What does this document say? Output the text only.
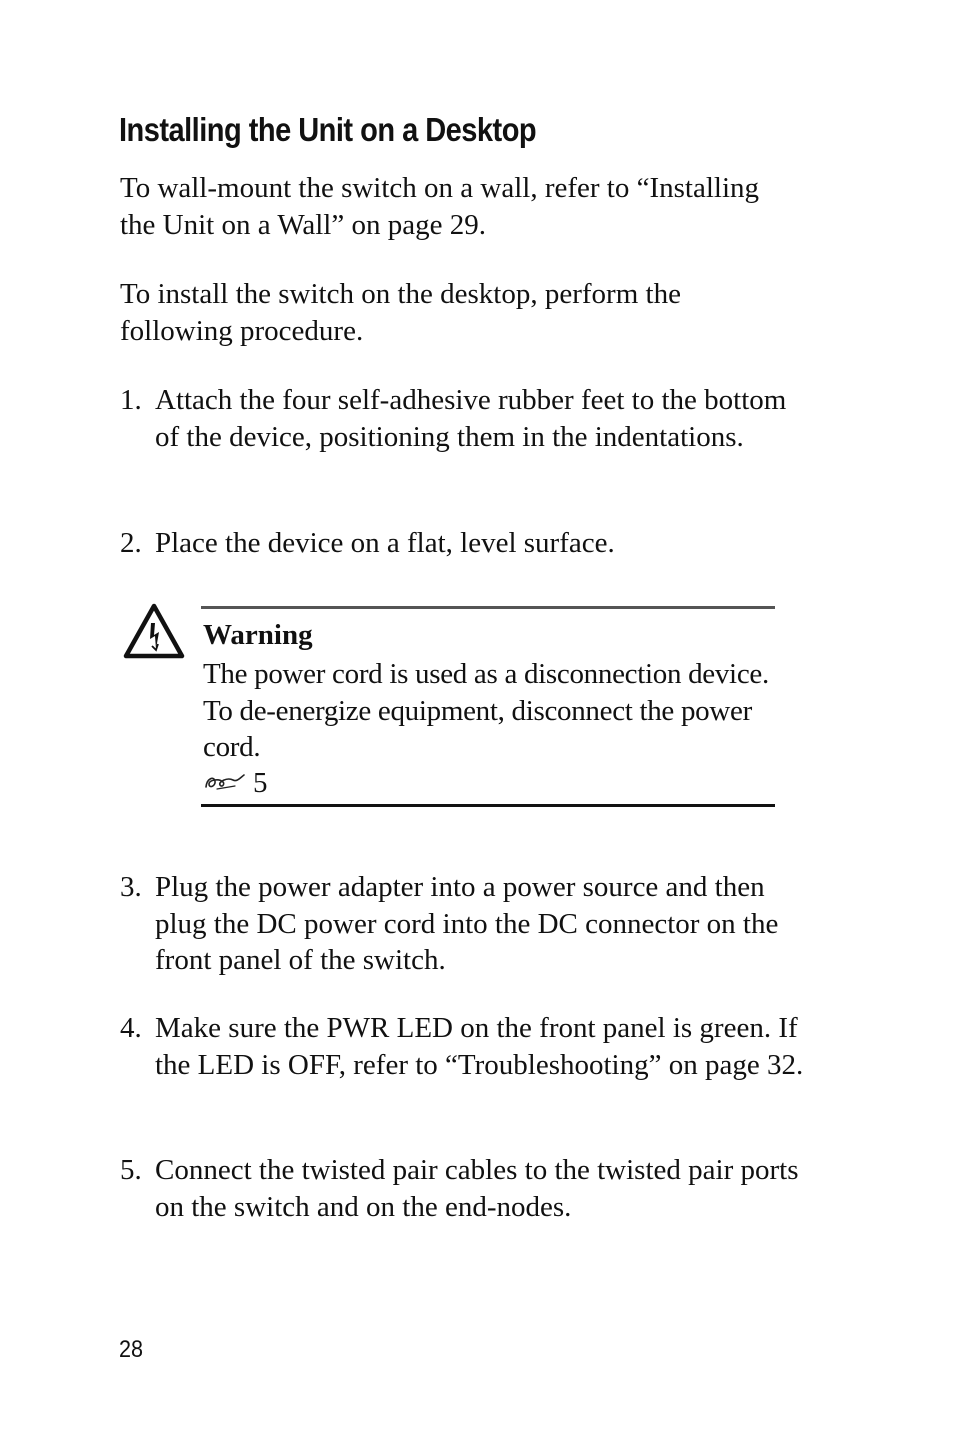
Installing the Unit on a Desktop

To wall-mount the switch on a wall, refer to “Installing the Unit on a Wall” on page 29.

To install the switch on the desktop, perform the following procedure.

1. Attach the four self-adhesive rubber feet to the bottom of the device, positioning them in the indentations.
2. Place the device on a flat, level surface.

Warning

The power cord is used as a disconnection device. To de-energize equipment, disconnect the power cord.

5
3. Plug the power adapter into a power source and then plug the DC power cord into the DC connector on the front panel of the switch.
4. Make sure the PWR LED on the front panel is green. If the LED is OFF, refer to “Troubleshooting” on page 32.
5. Connect the twisted pair cables to the twisted pair ports on the switch and on the end-nodes.
28
